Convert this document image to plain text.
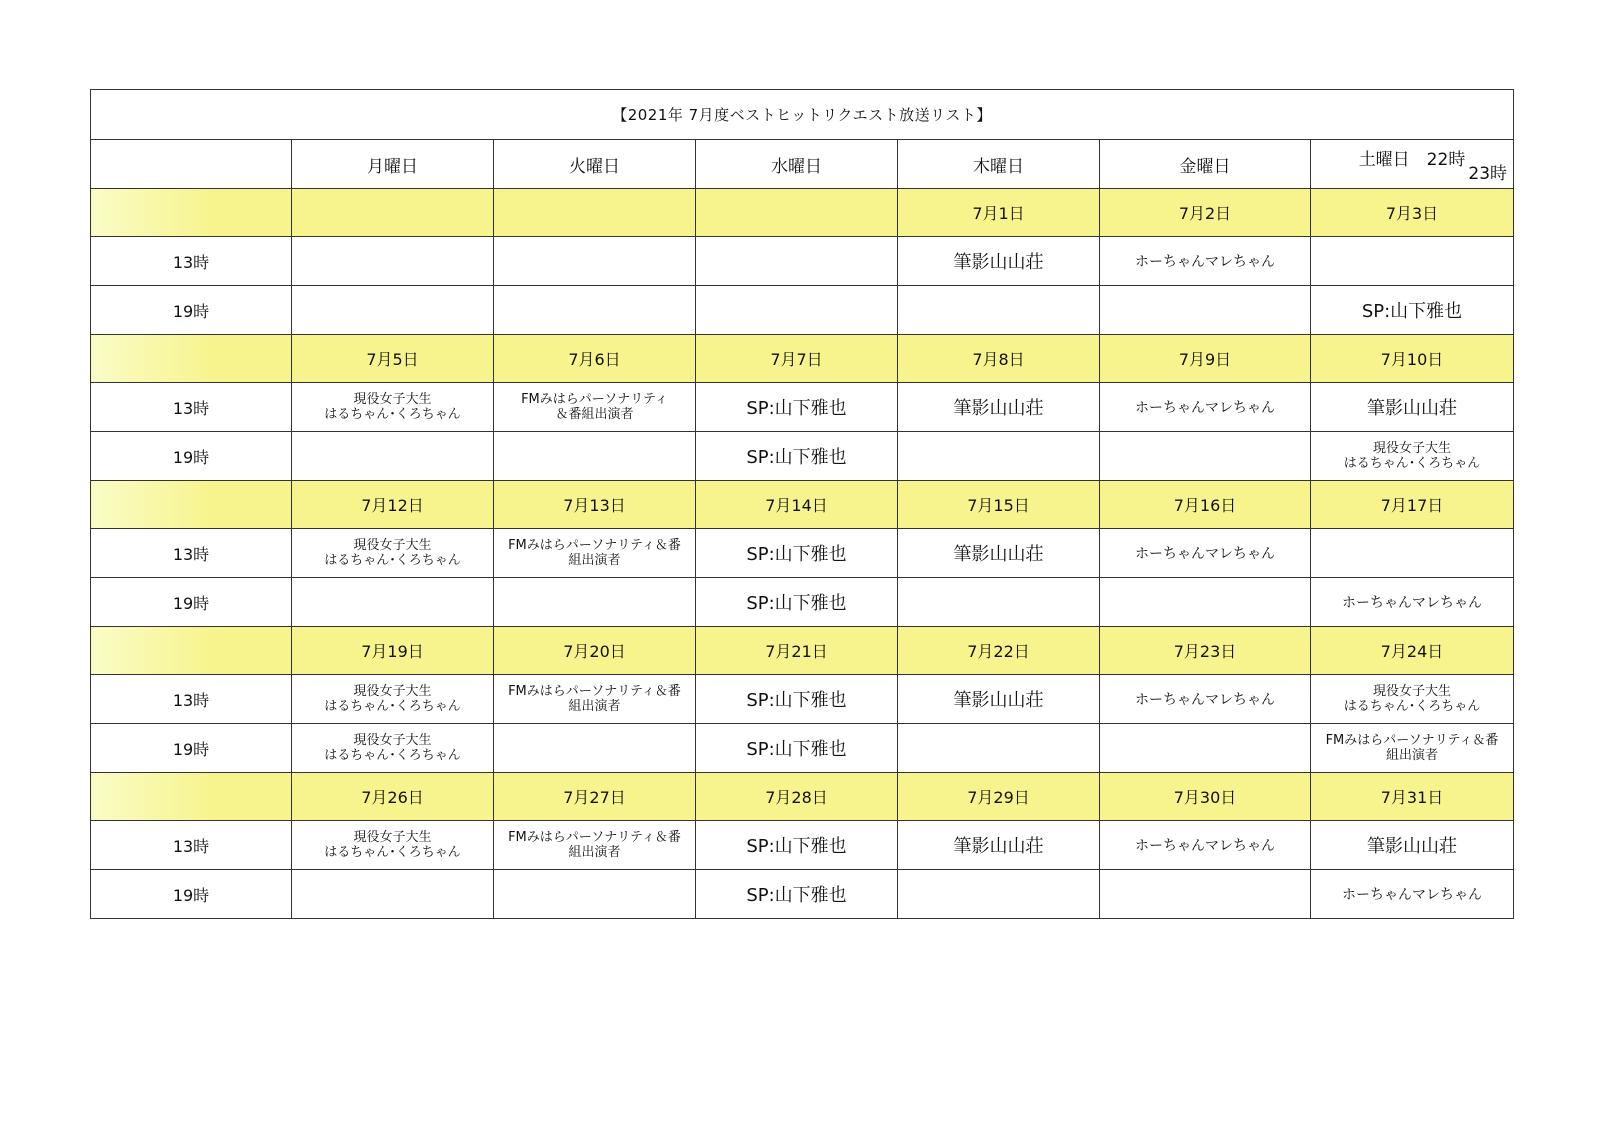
【2021年 7月度ベストヒットリクエスト放送リスト】						
	月曜日	火曜日	水曜日	木曜日	金曜日	土曜日　22時
23時

				7月1日	7月2日	7月3日
13時				筆影山山荘	ホーちゃんマレちゃん	

19時						SP:山下雅也

	7月5日	7月6日	7月7日	7月8日	7月9日	7月10日
13時	現役女子大生
はるちゃん･くろちゃん	FMみはらパーソナリティ
＆番組出演者	SP:山下雅也	筆影山山荘	ホーちゃんマレちゃん	筆影山山荘

19時			SP:山下雅也			現役女子大生
はるちゃん･くろちゃん

	7月12日	7月13日	7月14日	7月15日	7月16日	7月17日
13時	現役女子大生
はるちゃん･くろちゃん	FMみはらパーソナリティ＆番
組出演者	SP:山下雅也	筆影山山荘	ホーちゃんマレちゃん	

19時			SP:山下雅也			ホーちゃんマレちゃん

	7月19日	7月20日	7月21日	7月22日	7月23日	7月24日
13時	現役女子大生
はるちゃん･くろちゃん	FMみはらパーソナリティ＆番
組出演者	SP:山下雅也	筆影山山荘	ホーちゃんマレちゃん	現役女子大生
はるちゃん･くろちゃん

19時	現役女子大生
はるちゃん･くろちゃん		SP:山下雅也			FMみはらパーソナリティ＆番
組出演者

	7月26日	7月27日	7月28日	7月29日	7月30日	7月31日
13時	現役女子大生
はるちゃん･くろちゃん	FMみはらパーソナリティ＆番
組出演者	SP:山下雅也	筆影山山荘	ホーちゃんマレちゃん	筆影山山荘

19時			SP:山下雅也			ホーちゃんマレちゃん
